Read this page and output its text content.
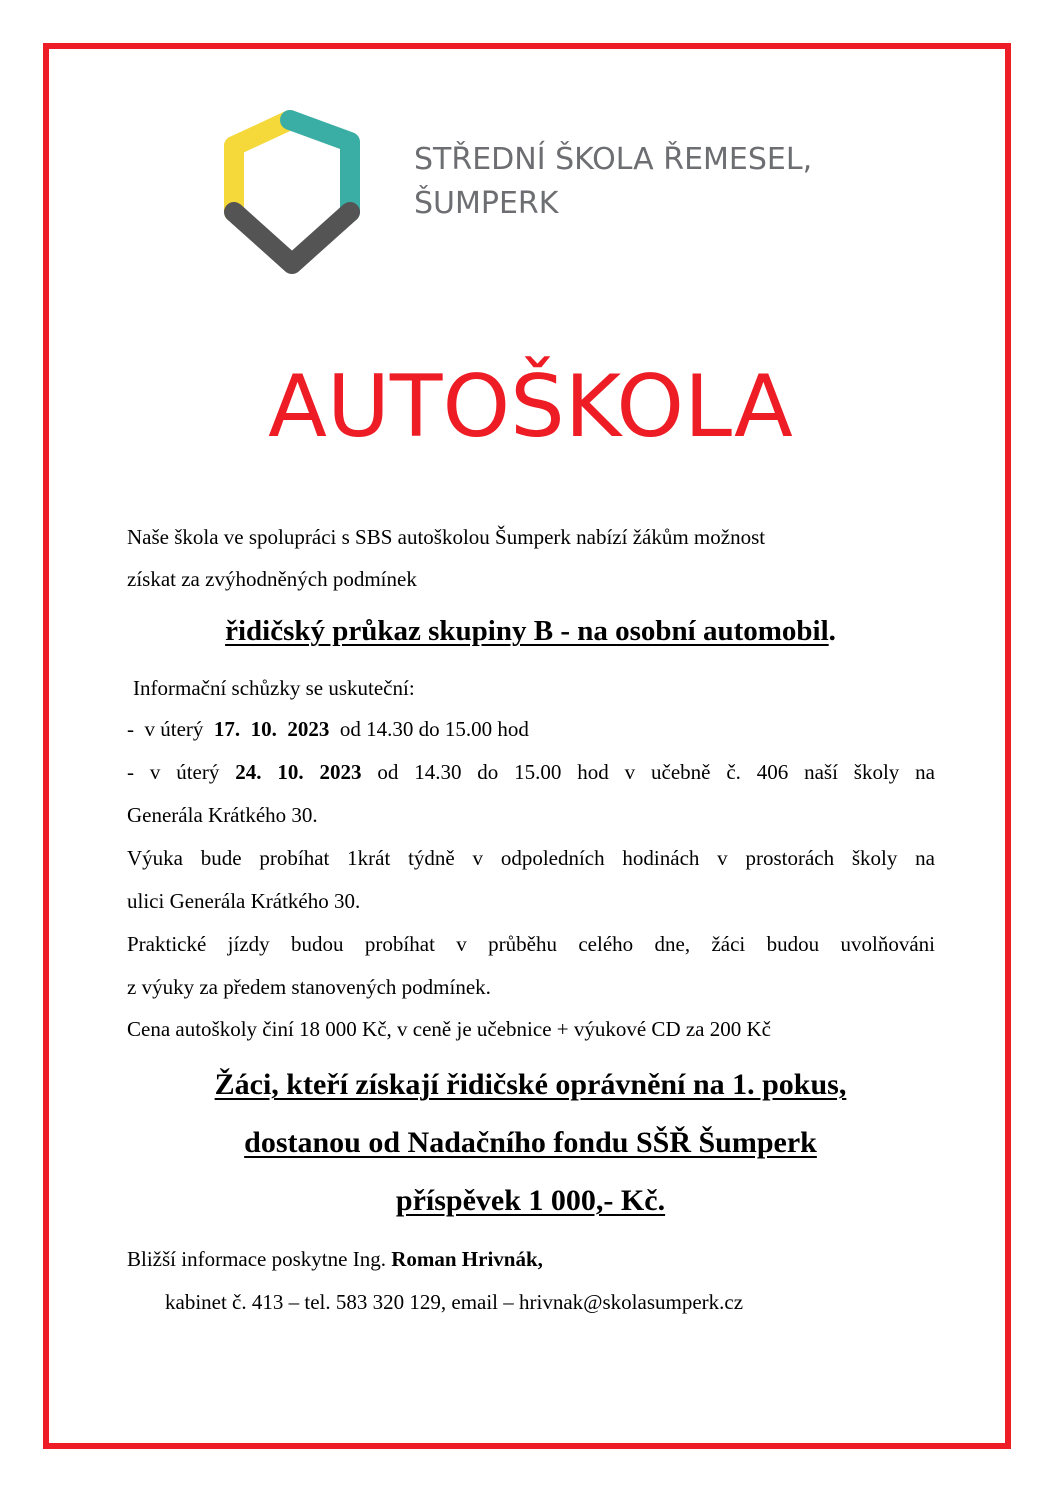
STŘEDNÍ ŠKOLA ŘEMESEL,
ŠUMPERK
AUTOŠKOLA
Naše škola ve spolupráci s SBS autoškolou Šumperk nabízí žákům možnost
získat za zvýhodněných podmínek
řidičský průkaz skupiny B - na osobní automobil.
Informační schůzky se uskuteční:
-  v úterý  17.  10.  2023  od 14.30 do 15.00 hod
- v úterý 24. 10. 2023 od 14.30 do 15.00 hod v učebně č. 406 naší školy na
Generála Krátkého 30.
Výuka bude probíhat 1krát týdně v odpoledních hodinách v prostorách školy na
ulici Generála Krátkého 30.
Praktické jízdy budou probíhat v průběhu celého dne, žáci budou uvolňováni
z výuky za předem stanovených podmínek.
Cena autoškoly činí 18 000 Kč, v ceně je učebnice + výukové CD za 200 Kč
Žáci, kteří získají řidičské oprávnění na 1. pokus,
dostanou od Nadačního fondu SŠŘ Šumperk
příspěvek 1 000,- Kč.
Bližší informace poskytne Ing. Roman Hrivnák,
kabinet č. 413 – tel. 583 320 129, email – hrivnak@skolasumperk.cz
